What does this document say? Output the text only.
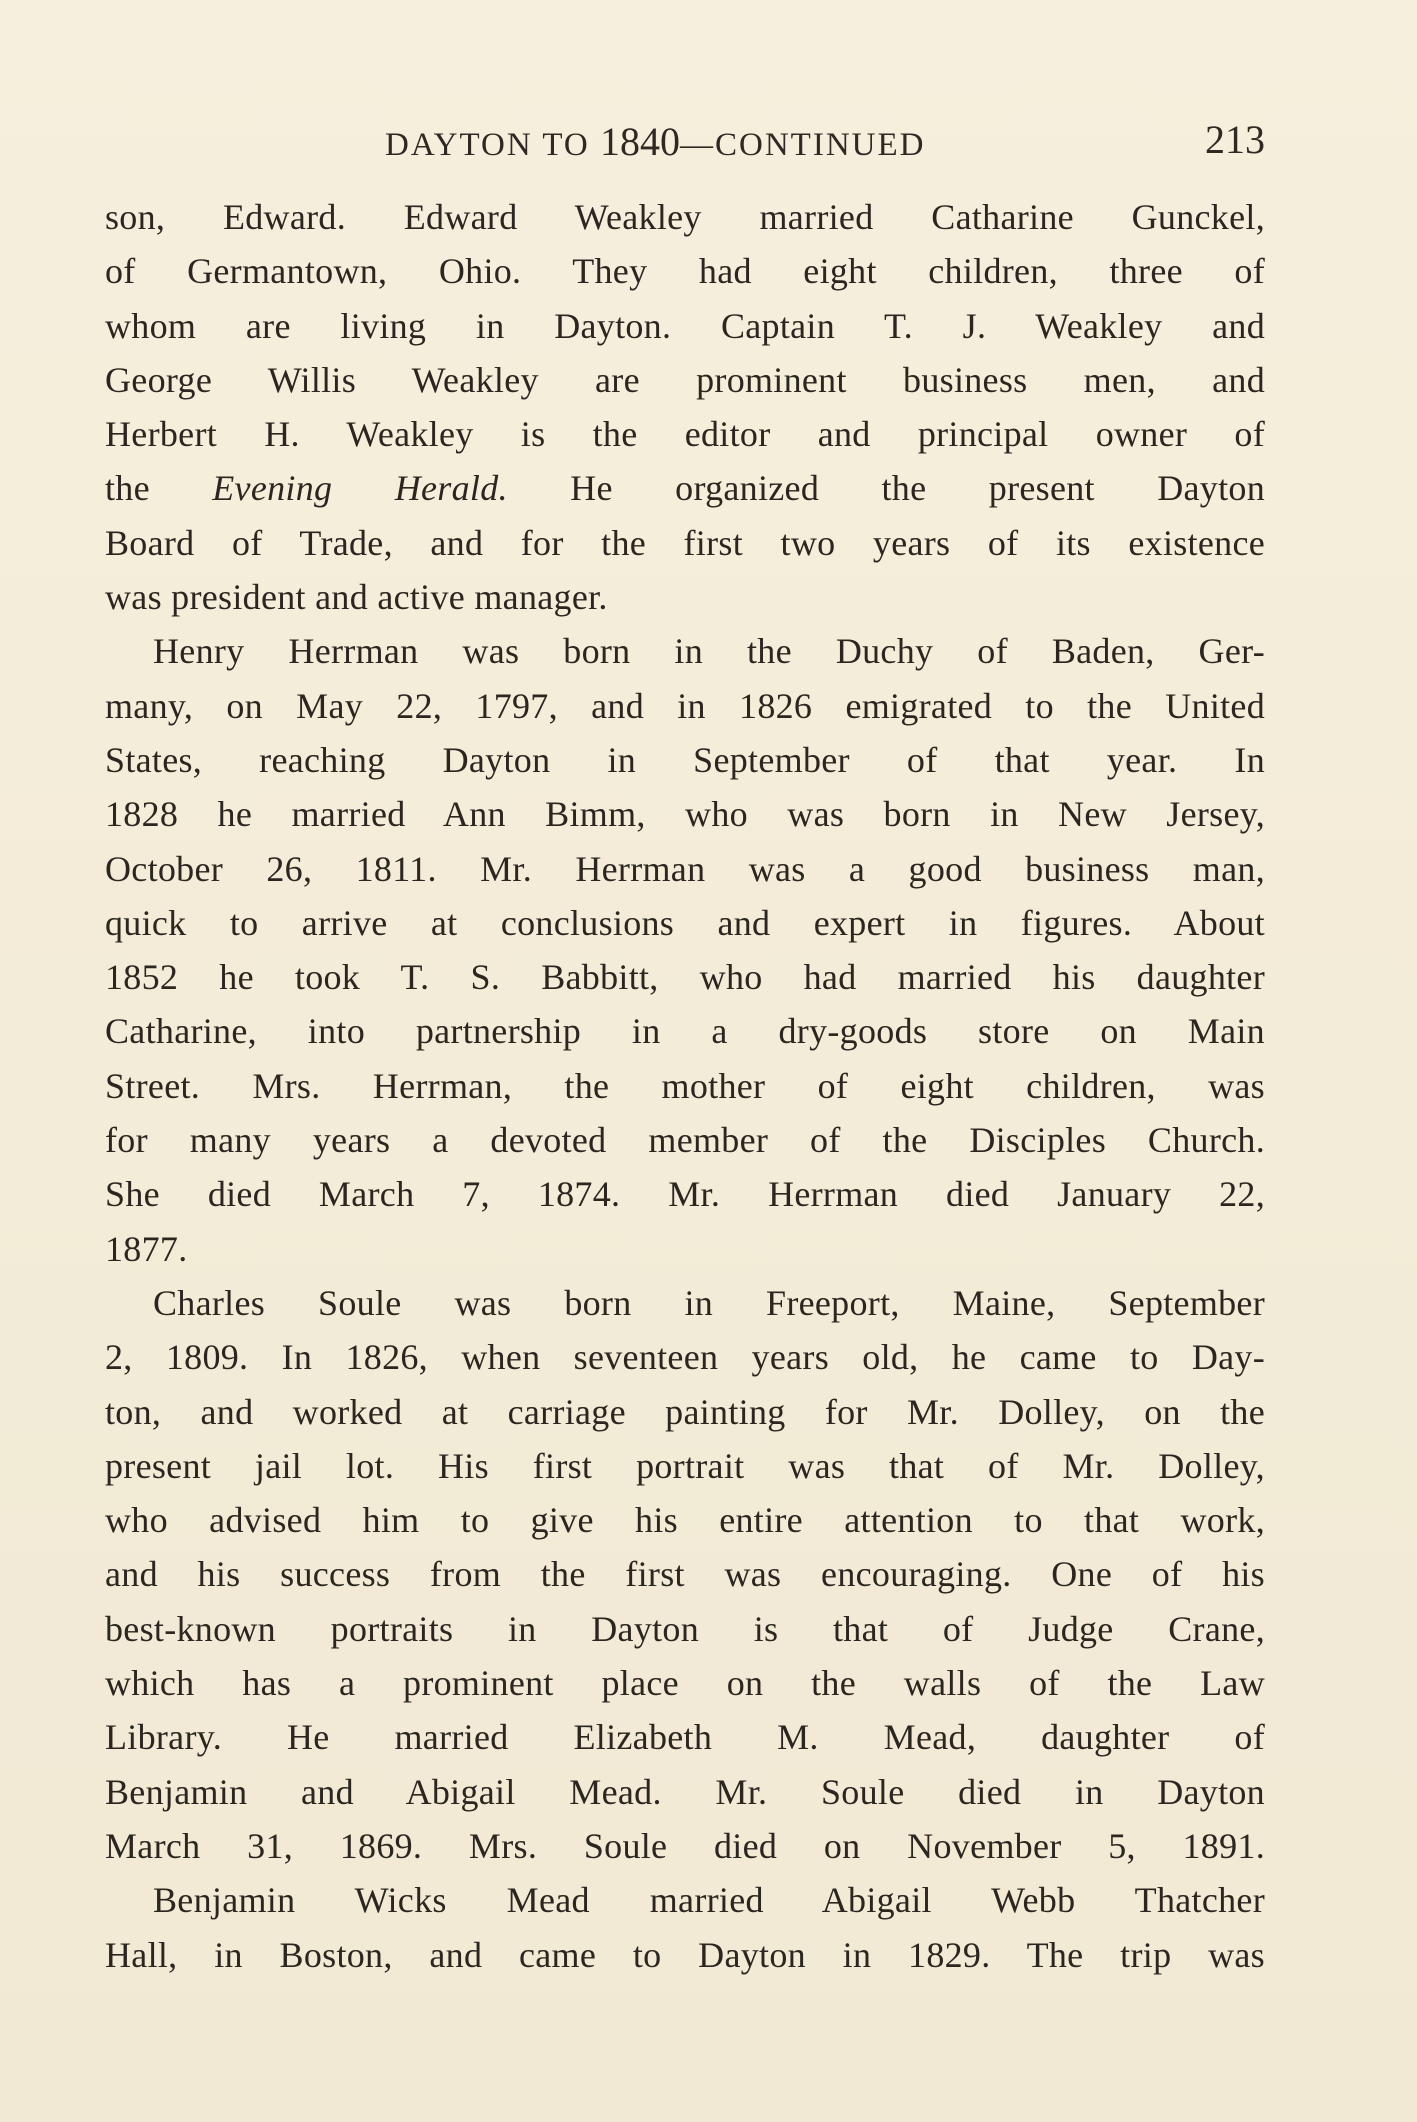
DAYTON TO 1840—CONTINUED	213
son, Edward. Edward Weakley married Catharine Gunckel,
of Germantown, Ohio. They had eight children, three of
whom are living in Dayton. Captain T. J. Weakley and
George Willis Weakley are prominent business men, and
Herbert H. Weakley is the editor and principal owner of
the Evening Herald. He organized the present Dayton
Board of Trade, and for the first two years of its existence
was president and active manager.
Henry Herrman was born in the Duchy of Baden, Ger-
many, on May 22, 1797, and in 1826 emigrated to the United
States, reaching Dayton in September of that year. In
1828 he married Ann Bimm, who was born in New Jersey,
October 26, 1811. Mr. Herrman was a good business man,
quick to arrive at conclusions and expert in figures. About
1852 he took T. S. Babbitt, who had married his daughter
Catharine, into partnership in a dry-goods store on Main
Street. Mrs. Herrman, the mother of eight children, was
for many years a devoted member of the Disciples Church.
She died March 7, 1874. Mr. Herrman died January 22,
1877.
Charles Soule was born in Freeport, Maine, September
2, 1809. In 1826, when seventeen years old, he came to Day-
ton, and worked at carriage painting for Mr. Dolley, on the
present jail lot. His first portrait was that of Mr. Dolley,
who advised him to give his entire attention to that work,
and his success from the first was encouraging. One of his
best-known portraits in Dayton is that of Judge Crane,
which has a prominent place on the walls of the Law
Library. He married Elizabeth M. Mead, daughter of
Benjamin and Abigail Mead. Mr. Soule died in Dayton
March 31, 1869. Mrs. Soule died on November 5, 1891.
Benjamin Wicks Mead married Abigail Webb Thatcher
Hall, in Boston, and came to Dayton in 1829. The trip was
